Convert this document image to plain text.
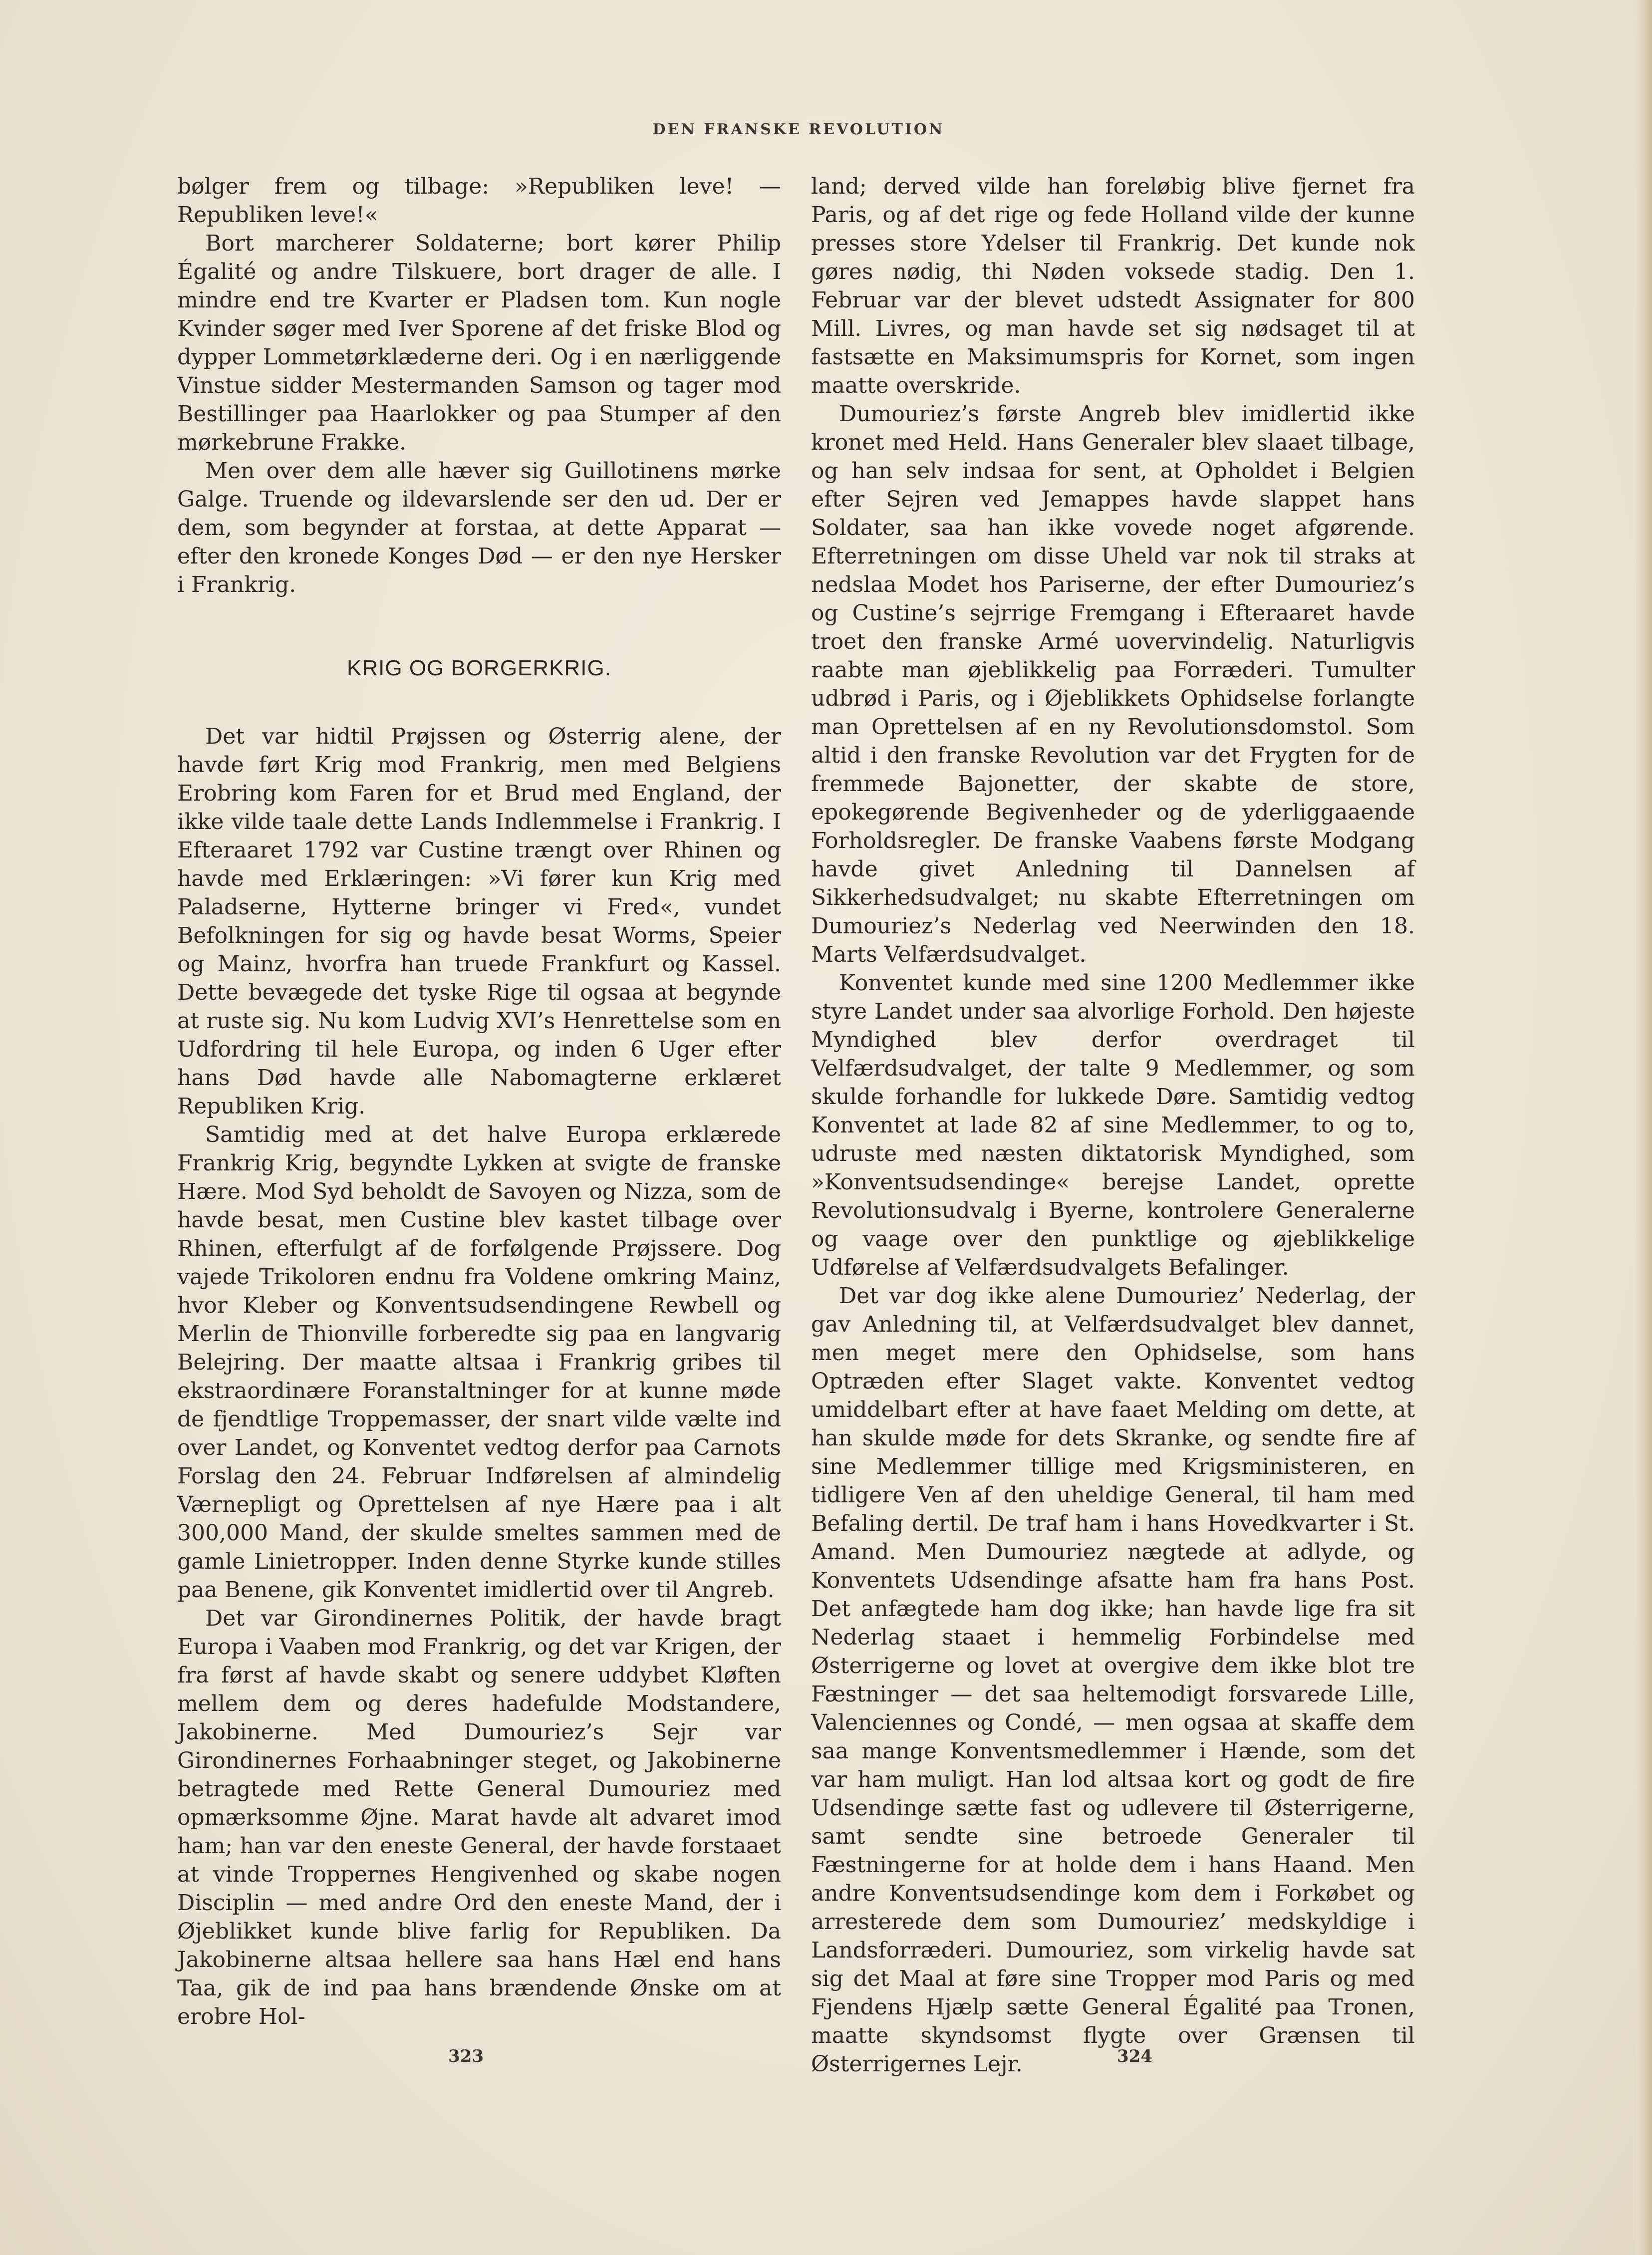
DEN FRANSKE REVOLUTION

bølger frem og tilbage: »Republiken leve! — Republiken leve!«

Bort marcherer Soldaterne; bort kører Philip Égalité og andre Tilskuere, bort drager de alle. I mindre end tre Kvarter er Pladsen tom. Kun nogle Kvinder søger med Iver Sporene af det friske Blod og dypper Lommetørklæderne deri. Og i en nærliggende Vinstue sidder Mestermanden Samson og tager mod Bestillinger paa Haarlokker og paa Stumper af den mørkebrune Frakke.

Men over dem alle hæver sig Guillotinens mørke Galge. Truende og ildevarslende ser den ud. Der er dem, som begynder at forstaa, at dette Apparat — efter den kronede Konges Død — er den nye Hersker i Frankrig.

KRIG OG BORGERKRIG.

Det var hidtil Prøjssen og Østerrig alene, der havde ført Krig mod Frankrig, men med Belgiens Erobring kom Faren for et Brud med England, der ikke vilde taale dette Lands Indlemmelse i Frankrig. I Efteraaret 1792 var Custine trængt over Rhinen og havde med Erklæringen: »Vi fører kun Krig med Paladserne, Hytterne bringer vi Fred«, vundet Befolkningen for sig og havde besat Worms, Speier og Mainz, hvorfra han truede Frankfurt og Kassel. Dette bevægede det tyske Rige til ogsaa at begynde at ruste sig. Nu kom Ludvig XVI’s Henrettelse som en Udfordring til hele Europa, og inden 6 Uger efter hans Død havde alle Nabomagterne erklæret Republiken Krig.

Samtidig med at det halve Europa erklærede Frankrig Krig, begyndte Lykken at svigte de franske Hære. Mod Syd beholdt de Savoyen og Nizza, som de havde besat, men Custine blev kastet tilbage over Rhinen, efterfulgt af de forfølgende Prøjssere. Dog vajede Trikoloren endnu fra Voldene omkring Mainz, hvor Kleber og Konventsudsendingene Rewbell og Merlin de Thionville forberedte sig paa en langvarig Belejring. Der maatte altsaa i Frankrig gribes til ekstraordinære Foranstaltninger for at kunne møde de fjendtlige Troppemasser, der snart vilde vælte ind over Landet, og Konventet vedtog derfor paa Carnots Forslag den 24. Februar Indførelsen af almindelig Værnepligt og Oprettelsen af nye Hære paa i alt 300,000 Mand, der skulde smeltes sammen med de gamle Linietropper. Inden denne Styrke kunde stilles paa Benene, gik Konventet imidlertid over til Angreb.

Det var Girondinernes Politik, der havde bragt Europa i Vaaben mod Frankrig, og det var Krigen, der fra først af havde skabt og senere uddybet Kløften mellem dem og deres hadefulde Modstandere, Jakobinerne. Med Dumouriez’s Sejr var Girondinernes Forhaabninger steget, og Jakobinerne betragtede med Rette General Dumouriez med opmærksomme Øjne. Marat havde alt advaret imod ham; han var den eneste General, der havde forstaaet at vinde Troppernes Hengivenhed og skabe nogen Disciplin — med andre Ord den eneste Mand, der i Øjeblikket kunde blive farlig for Republiken. Da Jakobinerne altsaa hellere saa hans Hæl end hans Taa, gik de ind paa hans brændende Ønske om at erobre Hol-

land; derved vilde han foreløbig blive fjernet fra Paris, og af det rige og fede Holland vilde der kunne presses store Ydelser til Frankrig. Det kunde nok gøres nødig, thi Nøden voksede stadig. Den 1. Februar var der blevet udstedt Assignater for 800 Mill. Livres, og man havde set sig nødsaget til at fastsætte en Maksimumspris for Kornet, som ingen maatte overskride.

Dumouriez’s første Angreb blev imidlertid ikke kronet med Held. Hans Generaler blev slaaet tilbage, og han selv indsaa for sent, at Opholdet i Belgien efter Sejren ved Jemappes havde slappet hans Soldater, saa han ikke vovede noget afgørende. Efterretningen om disse Uheld var nok til straks at nedslaa Modet hos Pariserne, der efter Dumouriez’s og Custine’s sejrrige Fremgang i Efteraaret havde troet den franske Armé uovervindelig. Naturligvis raabte man øjeblikkelig paa Forræderi. Tumulter udbrød i Paris, og i Øjeblikkets Ophidselse forlangte man Oprettelsen af en ny Revolutionsdomstol. Som altid i den franske Revolution var det Frygten for de fremmede Bajonetter, der skabte de store, epokegørende Begivenheder og de yderliggaaende Forholdsregler. De franske Vaabens første Modgang havde givet Anledning til Dannelsen af Sikkerhedsudvalget; nu skabte Efterretningen om Dumouriez’s Nederlag ved Neerwinden den 18. Marts Velfærdsudvalget.

Konventet kunde med sine 1200 Medlemmer ikke styre Landet under saa alvorlige Forhold. Den højeste Myndighed blev derfor overdraget til Velfærdsudvalget, der talte 9 Medlemmer, og som skulde forhandle for lukkede Døre. Samtidig vedtog Konventet at lade 82 af sine Medlemmer, to og to, udruste med næsten diktatorisk Myndighed, som »Konventsudsendinge« berejse Landet, oprette Revolutionsudvalg i Byerne, kontrolere Generalerne og vaage over den punktlige og øjeblikkelige Udførelse af Velfærdsudvalgets Befalinger.

Det var dog ikke alene Dumouriez’ Nederlag, der gav Anledning til, at Velfærdsudvalget blev dannet, men meget mere den Ophidselse, som hans Optræden efter Slaget vakte. Konventet vedtog umiddelbart efter at have faaet Melding om dette, at han skulde møde for dets Skranke, og sendte fire af sine Medlemmer tillige med Krigsministeren, en tidligere Ven af den uheldige General, til ham med Befaling dertil. De traf ham i hans Hovedkvarter i St. Amand. Men Dumouriez nægtede at adlyde, og Konventets Udsendinge afsatte ham fra hans Post. Det anfægtede ham dog ikke; han havde lige fra sit Nederlag staaet i hemmelig Forbindelse med Østerrigerne og lovet at overgive dem ikke blot tre Fæstninger — det saa heltemodigt forsvarede Lille, Valenciennes og Condé, — men ogsaa at skaffe dem saa mange Konventsmedlemmer i Hænde, som det var ham muligt. Han lod altsaa kort og godt de fire Udsendinge sætte fast og udlevere til Østerrigerne, samt sendte sine betroede Generaler til Fæstningerne for at holde dem i hans Haand. Men andre Konventsudsendinge kom dem i Forkøbet og arresterede dem som Dumouriez’ medskyldige i Landsforræderi. Dumouriez, som virkelig havde sat sig det Maal at føre sine Tropper mod Paris og med Fjendens Hjælp sætte General Égalité paa Tronen, maatte skyndsomst flygte over Grænsen til Østerrigernes Lejr.

323	324
